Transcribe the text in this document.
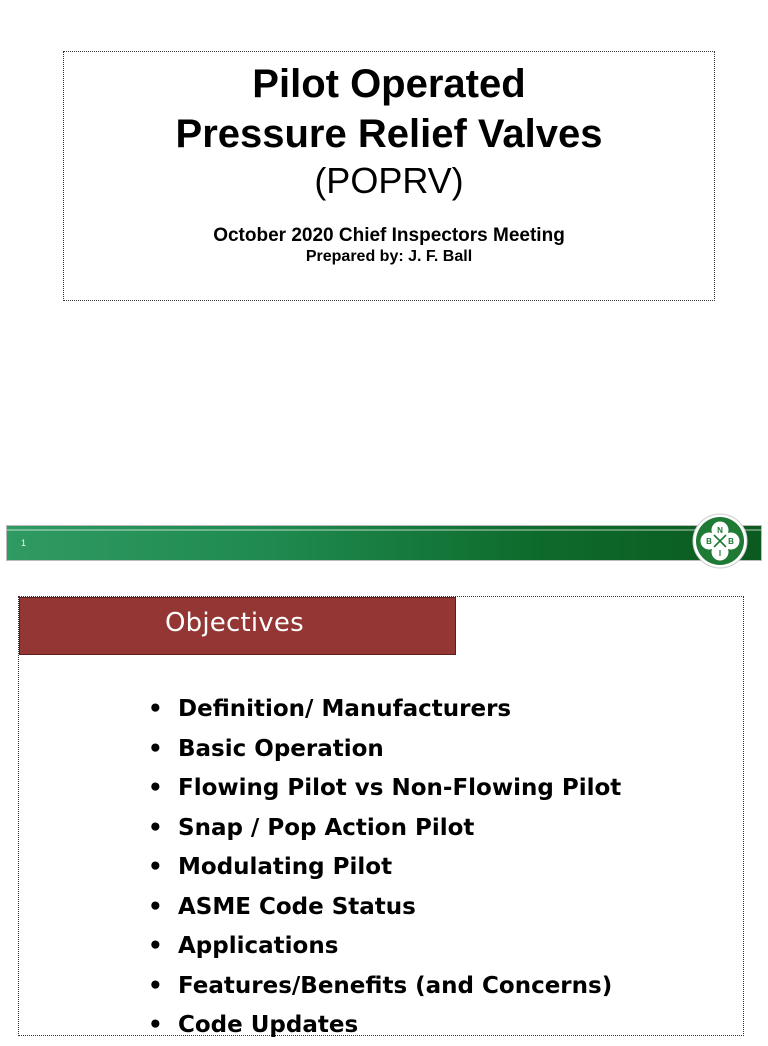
Pilot Operated

Pressure Relief Valves

(POPRV)

October 2020 Chief Inspectors Meeting
Prepared by: J. F. Ball
1
N
B B
I
Objectives
• Definition/ Manufacturers
• Basic Operation
• Flowing Pilot vs Non-Flowing Pilot
• Snap / Pop Action Pilot
• Modulating Pilot
• ASME Code Status
• Applications
• Features/Benefits (and Concerns)
• Code Updates
